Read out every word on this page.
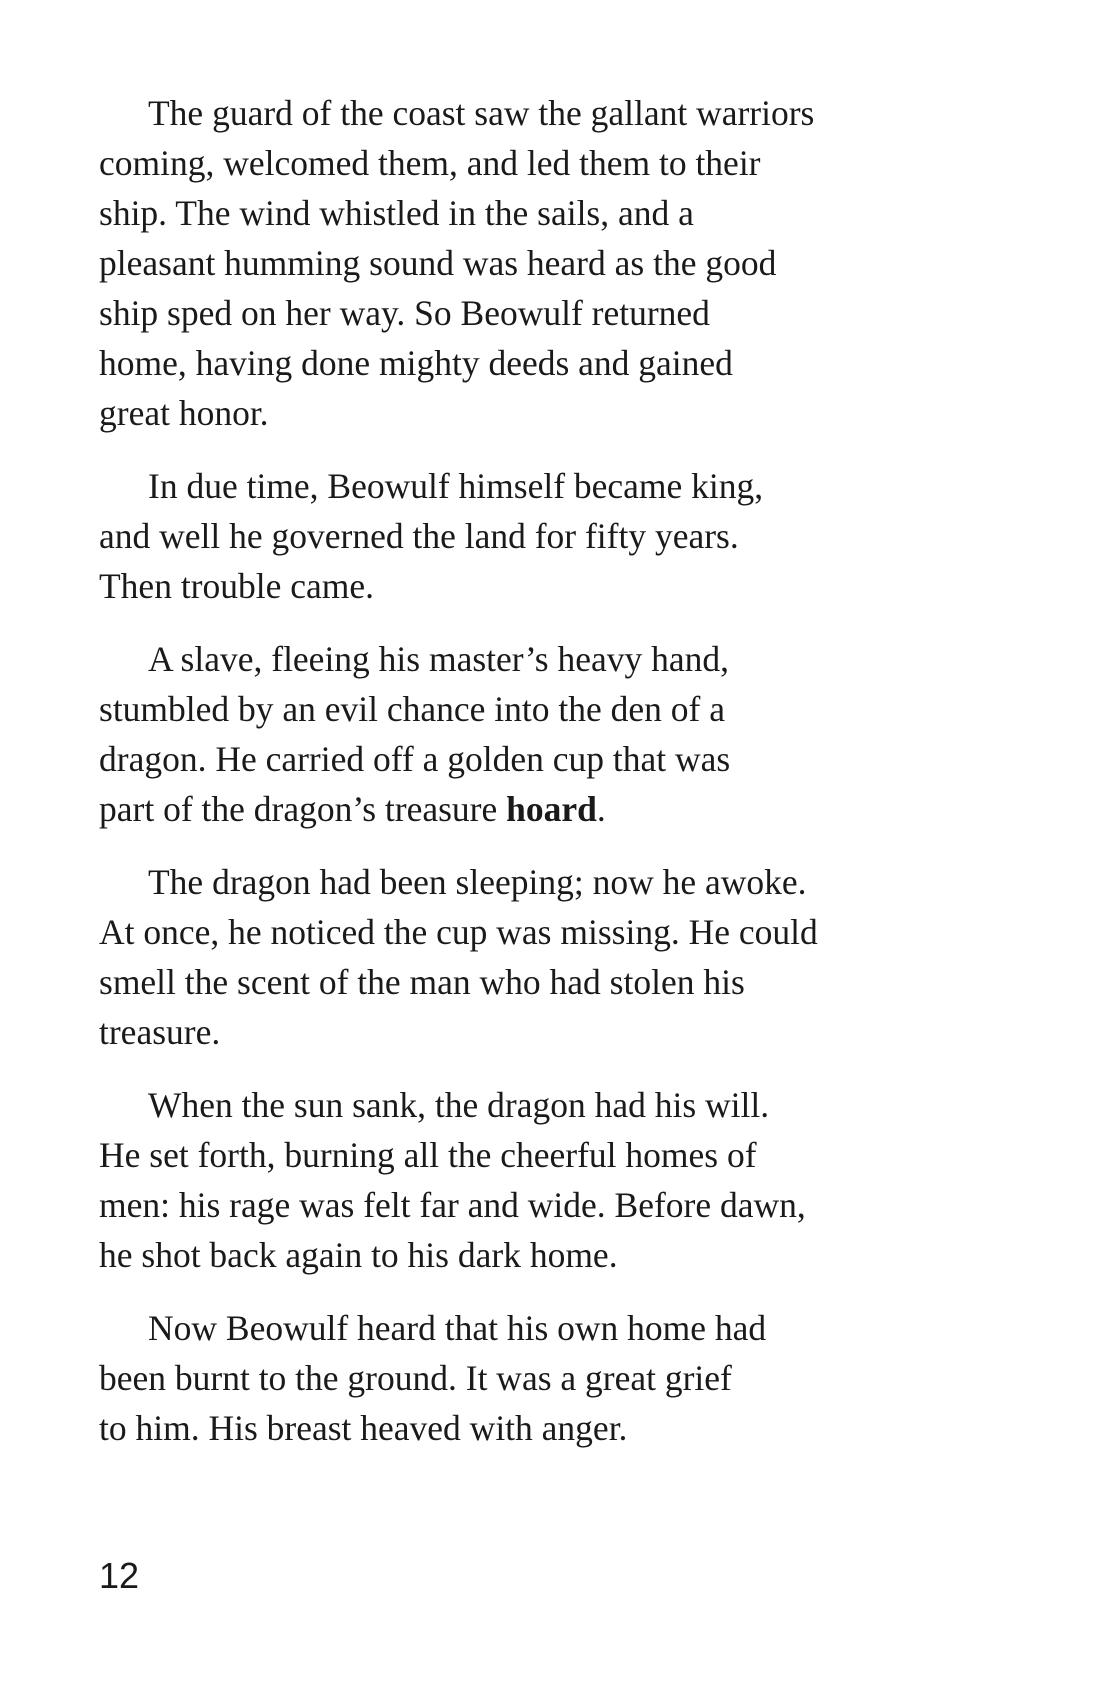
The guard of the coast saw the gallant warriors
coming, welcomed them, and led them to their
ship. The wind whistled in the sails, and a
pleasant humming sound was heard as the good
ship sped on her way. So Beowulf returned
home, having done mighty deeds and gained
great honor.

In due time, Beowulf himself became king,
and well he governed the land for fifty years.
Then trouble came.

A slave, fleeing his master’s heavy hand,
stumbled by an evil chance into the den of a
dragon. He carried off a golden cup that was
part of the dragon’s treasure hoard.

The dragon had been sleeping; now he awoke.
At once, he noticed the cup was missing. He could
smell the scent of the man who had stolen his
treasure.

When the sun sank, the dragon had his will.
He set forth, burning all the cheerful homes of
men: his rage was felt far and wide. Before dawn,
he shot back again to his dark home.

Now Beowulf heard that his own home had
been burnt to the ground. It was a great grief
to him. His breast heaved with anger.

12
